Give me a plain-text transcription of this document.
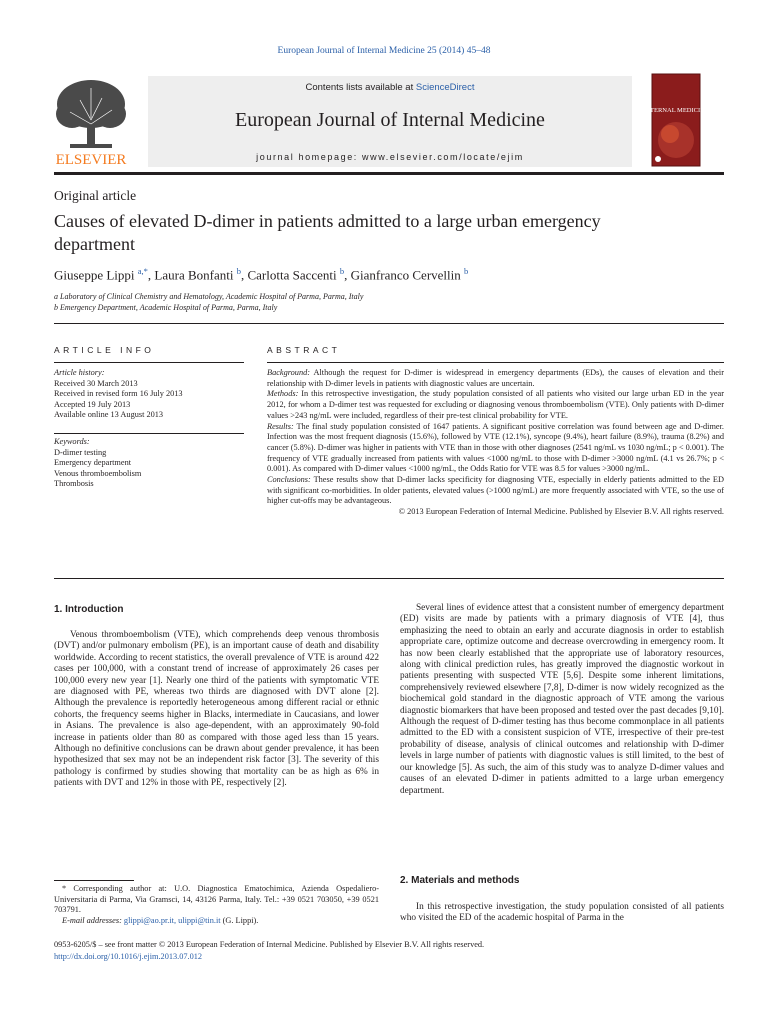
European Journal of Internal Medicine 25 (2014) 45–48
ELSEVIER
Contents lists available at ScienceDirect
European Journal of Internal Medicine
journal homepage: www.elsevier.com/locate/ejim
INTERNAL MEDICINE
Original article
Causes of elevated D-dimer in patients admitted to a large urban emergency department
Giuseppe Lippi $^{a,*}$, Laura Bonfanti $^b$, Carlotta Saccenti $^b$, Gianfranco Cervellin $^b$
a Laboratory of Clinical Chemistry and Hematology, Academic Hospital of Parma, Parma, Italy
b Emergency Department, Academic Hospital of Parma, Parma, Italy
ARTICLE INFO	ABSTRACT
Article history:
Received 30 March 2013
Received in revised form 16 July 2013
Accepted 19 July 2013
Available online 13 August 2013
Keywords:
D-dimer testing
Emergency department
Venous thromboembolism
Thrombosis

Background: Although the request for D-dimer is widespread in emergency departments (EDs), the causes of elevation and their relationship with D-dimer levels in patients with diagnostic values are uncertain.

Methods: In this retrospective investigation, the study population consisted of all patients who visited our large urban ED in the year 2012, for whom a D-dimer test was requested for excluding or diagnosing venous thromboembolism (VTE). Only patients with D-dimer values >243 ng/mL were included, regardless of their pre-test clinical probability for VTE.

Results: The final study population consisted of 1647 patients. A significant positive correlation was found between age and D-dimer. Infection was the most frequent diagnosis (15.6%), followed by VTE (12.1%), syncope (9.4%), heart failure (8.9%), trauma (8.2%) and cancer (5.8%). D-dimer was higher in patients with VTE than in those with other diagnoses (2541 ng/mL vs 1030 ng/mL; p < 0.001). The frequency of VTE gradually increased from patients with values <1000 ng/mL to those with D-dimer >3000 ng/mL (4.1 vs 26.7%; p < 0.001). As compared with D-dimer values <1000 ng/mL, the Odds Ratio for VTE was 8.5 for values >3000 ng/mL.

Conclusions: These results show that D-dimer lacks specificity for diagnosing VTE, especially in elderly patients admitted to the ED with significant co-morbidities. In older patients, elevated values (>1000 ng/mL) are more frequently associated with VTE, so the use of higher cut-offs may be advantageous.

© 2013 European Federation of Internal Medicine. Published by Elsevier B.V. All rights reserved.

1. Introduction

Venous thromboembolism (VTE), which comprehends deep venous thrombosis (DVT) and/or pulmonary embolism (PE), is an important cause of death and disability worldwide. According to recent statistics, the overall prevalence of VTE is around 422 cases per 100,000, with a constant trend of increase of approximately 26 cases per 100,000 every new year [1]. Nearly one third of the patients with symptomatic VTE are diagnosed with PE, whereas two thirds are diagnosed with DVT alone [2]. Although the prevalence is reportedly heterogeneous among different racial or ethnic cohorts, the frequency seems higher in Blacks, intermediate in Caucasians, and lower in Asians. The prevalence is also age-dependent, with an approximately 90-fold increase in patients older than 80 as compared with those aged less than 15 years. Although no definitive conclusions can be drawn about gender prevalence, it has been hypothesized that sex may not be an independent risk factor [3]. The severity of this pathology is confirmed by studies showing that mortality can be as high as 6% in patients with DVT and 12% in those with PE, respectively [2].

Several lines of evidence attest that a consistent number of emergency department (ED) visits are made by patients with a primary diagnosis of VTE [4], thus emphasizing the need to obtain an early and accurate diagnosis in order to establish appropriate care, optimize outcome and decrease overcrowding in emergency room. It has now been clearly established that the appropriate use of laboratory resources, along with clinical prediction rules, has greatly improved the diagnostic workout in patients presenting with suspected VTE [5,6]. Despite some inherent limitations, comprehensively reviewed elsewhere [7,8], D-dimer is now widely recognized as the biochemical gold standard in the diagnostic approach of VTE among the various diagnostic biomarkers that have been proposed and tested over the past decades [9,10]. Although the request of D-dimer testing has thus become commonplace in all patients admitted to the ED with a consistent suspicion of VTE, irrespective of their pre-test probability of disease, analysis of clinical outcomes and relationship with D-dimer levels in large number of patients with diagnostic values is still limited, to the best of our knowledge [5]. As such, the aim of this study was to analyze D-dimer values and causes of an elevated D-dimer in patients admitted to a large urban emergency department.

2. Materials and methods

In this retrospective investigation, the study population consisted of all patients who visited the ED of the academic hospital of Parma in the

* Corresponding author at: U.O. Diagnostica Ematochimica, Azienda Ospedaliero-Universitaria di Parma, Via Gramsci, 14, 43126 Parma, Italy. Tel.: +39 0521 703050, +39 0521 703791.

E-mail addresses: glippi@ao.pr.it, ulippi@tin.it (G. Lippi).

0953-6205/$ – see front matter © 2013 European Federation of Internal Medicine. Published by Elsevier B.V. All rights reserved.
http://dx.doi.org/10.1016/j.ejim.2013.07.012
